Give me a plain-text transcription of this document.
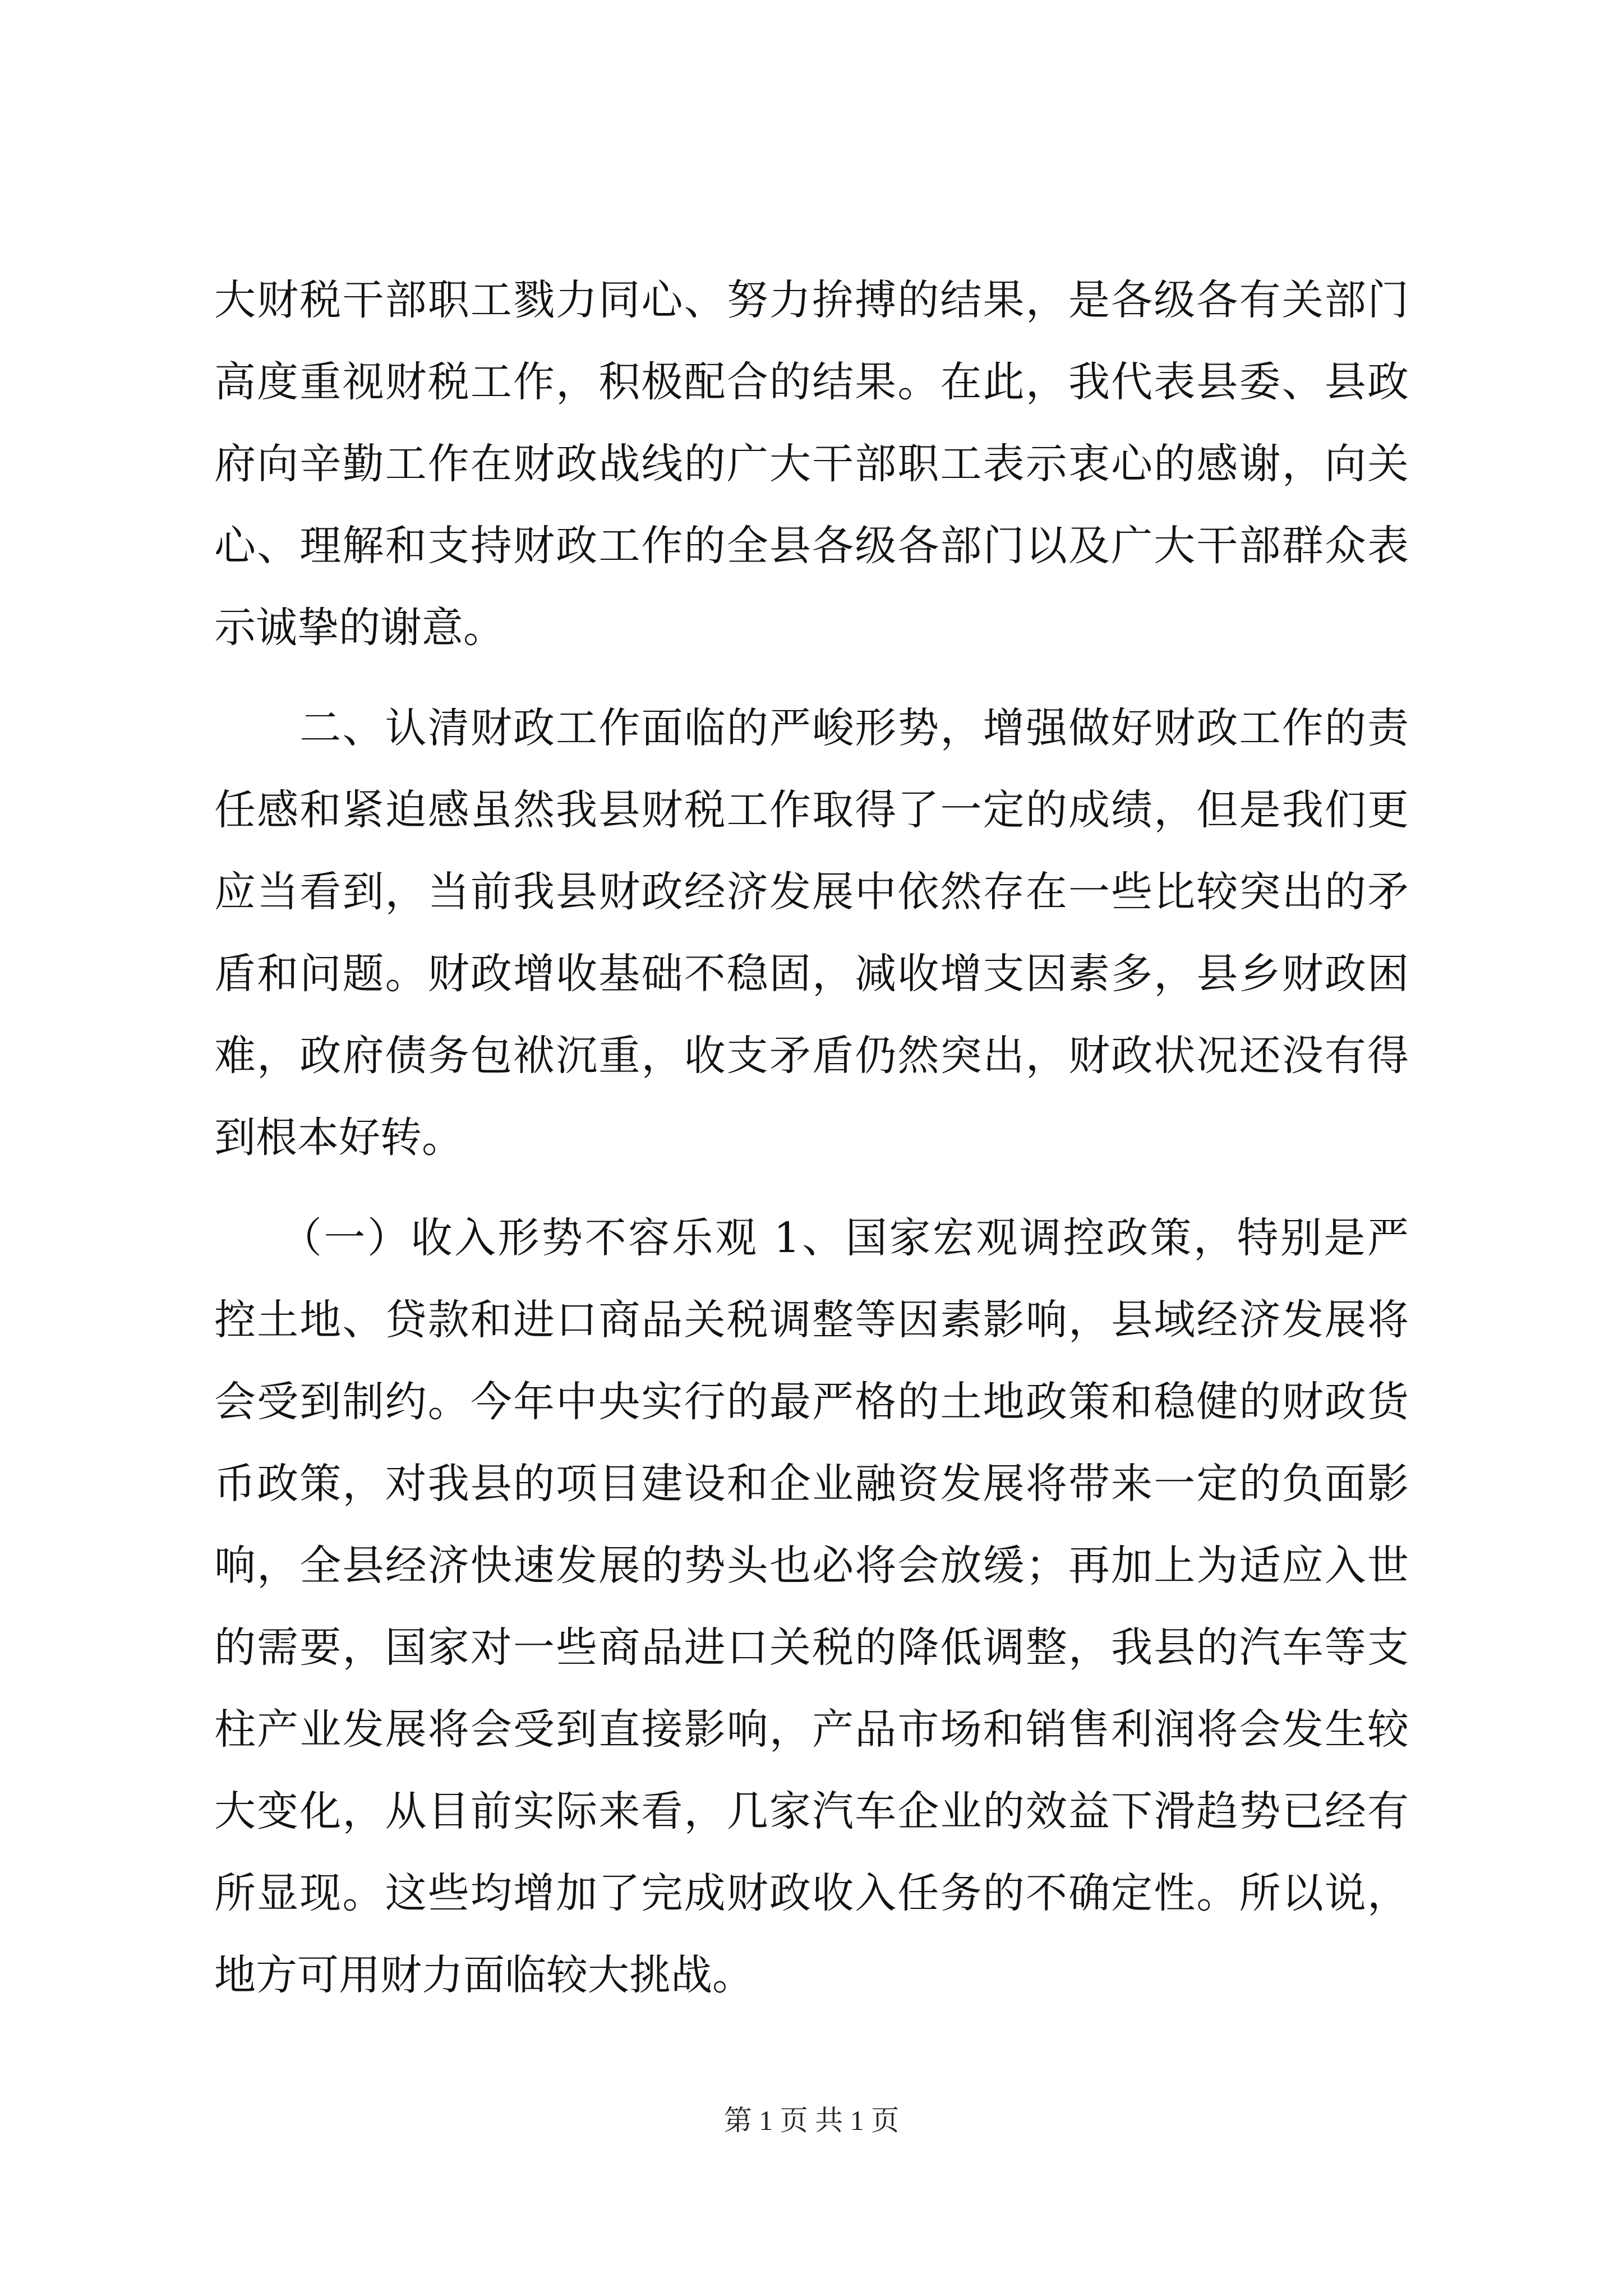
大财税干部职工戮力同心、努力拚搏的结果，是各级各有关部门
高度重视财税工作，积极配合的结果。在此，我代表县委、县政
府向辛勤工作在财政战线的广大干部职工表示衷心的感谢，向关
心、理解和支持财政工作的全县各级各部门以及广大干部群众表
示诚挚的谢意。
　　二、认清财政工作面临的严峻形势，增强做好财政工作的责
任感和紧迫感虽然我县财税工作取得了一定的成绩，但是我们更
应当看到，当前我县财政经济发展中依然存在一些比较突出的矛
盾和问题。财政增收基础不稳固，减收增支因素多，县乡财政困
难，政府债务包袱沉重，收支矛盾仍然突出，财政状况还没有得
到根本好转。
　　（一）收入形势不容乐观 1、国家宏观调控政策，特别是严
控土地、贷款和进口商品关税调整等因素影响，县域经济发展将
会受到制约。今年中央实行的最严格的土地政策和稳健的财政货
币政策，对我县的项目建设和企业融资发展将带来一定的负面影
响，全县经济快速发展的势头也必将会放缓；再加上为适应入世
的需要，国家对一些商品进口关税的降低调整，我县的汽车等支
柱产业发展将会受到直接影响，产品市场和销售利润将会发生较
大变化，从目前实际来看，几家汽车企业的效益下滑趋势已经有
所显现。这些均增加了完成财政收入任务的不确定性。所以说，
地方可用财力面临较大挑战。
第 1 页 共 1 页
